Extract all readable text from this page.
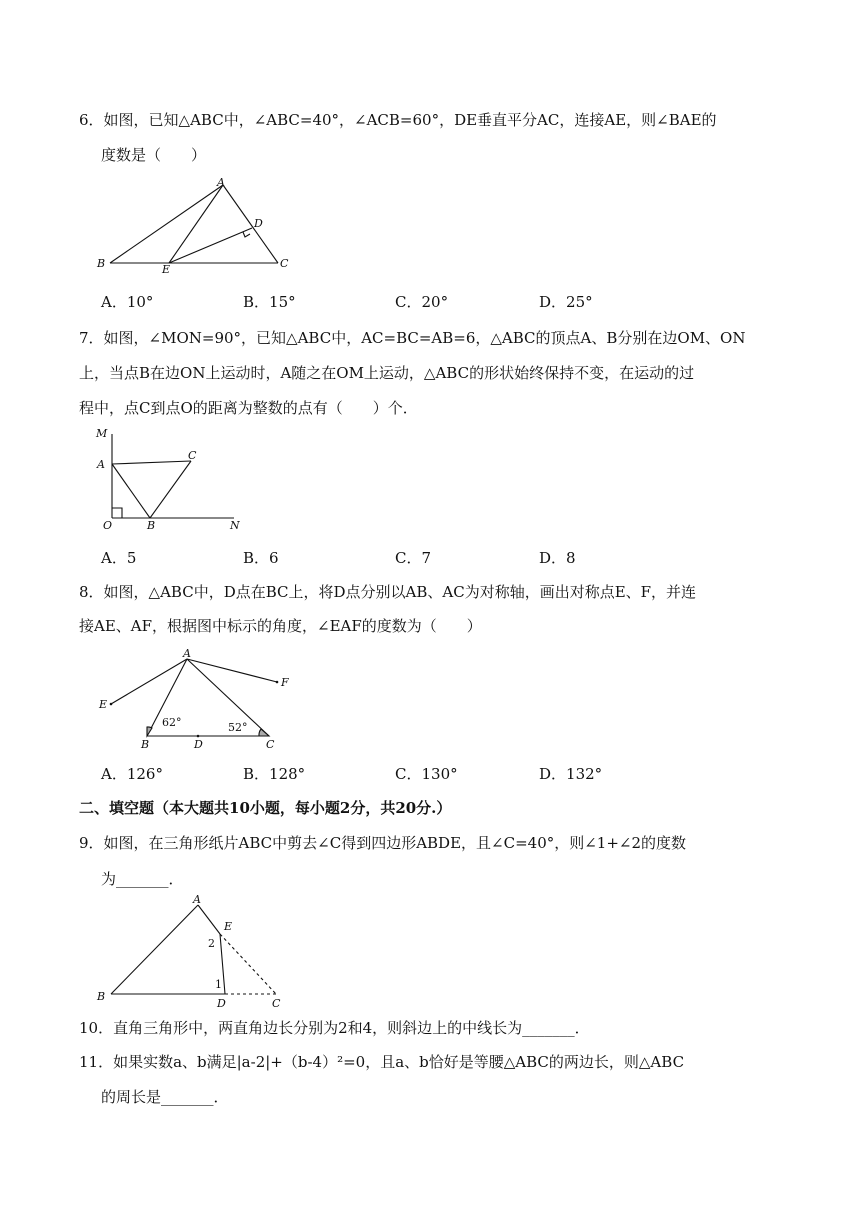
6．如图，已知△ABC中，∠ABC=40°，∠ACB=60°，DE垂直平分AC，连接AE，则∠BAE的
度数是（　　）
A
B	C
D
E
A．10°	B．15°	C．20°	D．25°
7．如图，∠MON=90°，已知△ABC中，AC=BC=AB=6，△ABC的顶点A、B分别在边OM、ON
上，当点B在边ON上运动时，A随之在OM上运动，△ABC的形状始终保持不变，在运动的过
程中，点C到点O的距离为整数的点有（　　）个．
M
A
C
O	B	N
A．5	B．6	C．7	D．8
8．如图，△ABC中，D点在BC上，将D点分别以AB、AC为对称轴，画出对称点E、F，并连
接AE、AF，根据图中标示的角度，∠EAF的度数为（　　）
A
E
F
B	D	C
62°	52°
A．126°	B．128°	C．130°	D．132°
二、填空题（本大题共10小题，每小题2分，共20分.）
9．如图，在三角形纸片ABC中剪去∠C得到四边形ABDE，且∠C=40°，则∠1+∠2的度数
为_______．
A
E
2
1
B
D	C
10．直角三角形中，两直角边长分别为2和4，则斜边上的中线长为_______．
11．如果实数a、b满足|a-2|+（b-4）²=0，且a、b恰好是等腰△ABC的两边长，则△ABC
的周长是_______．
